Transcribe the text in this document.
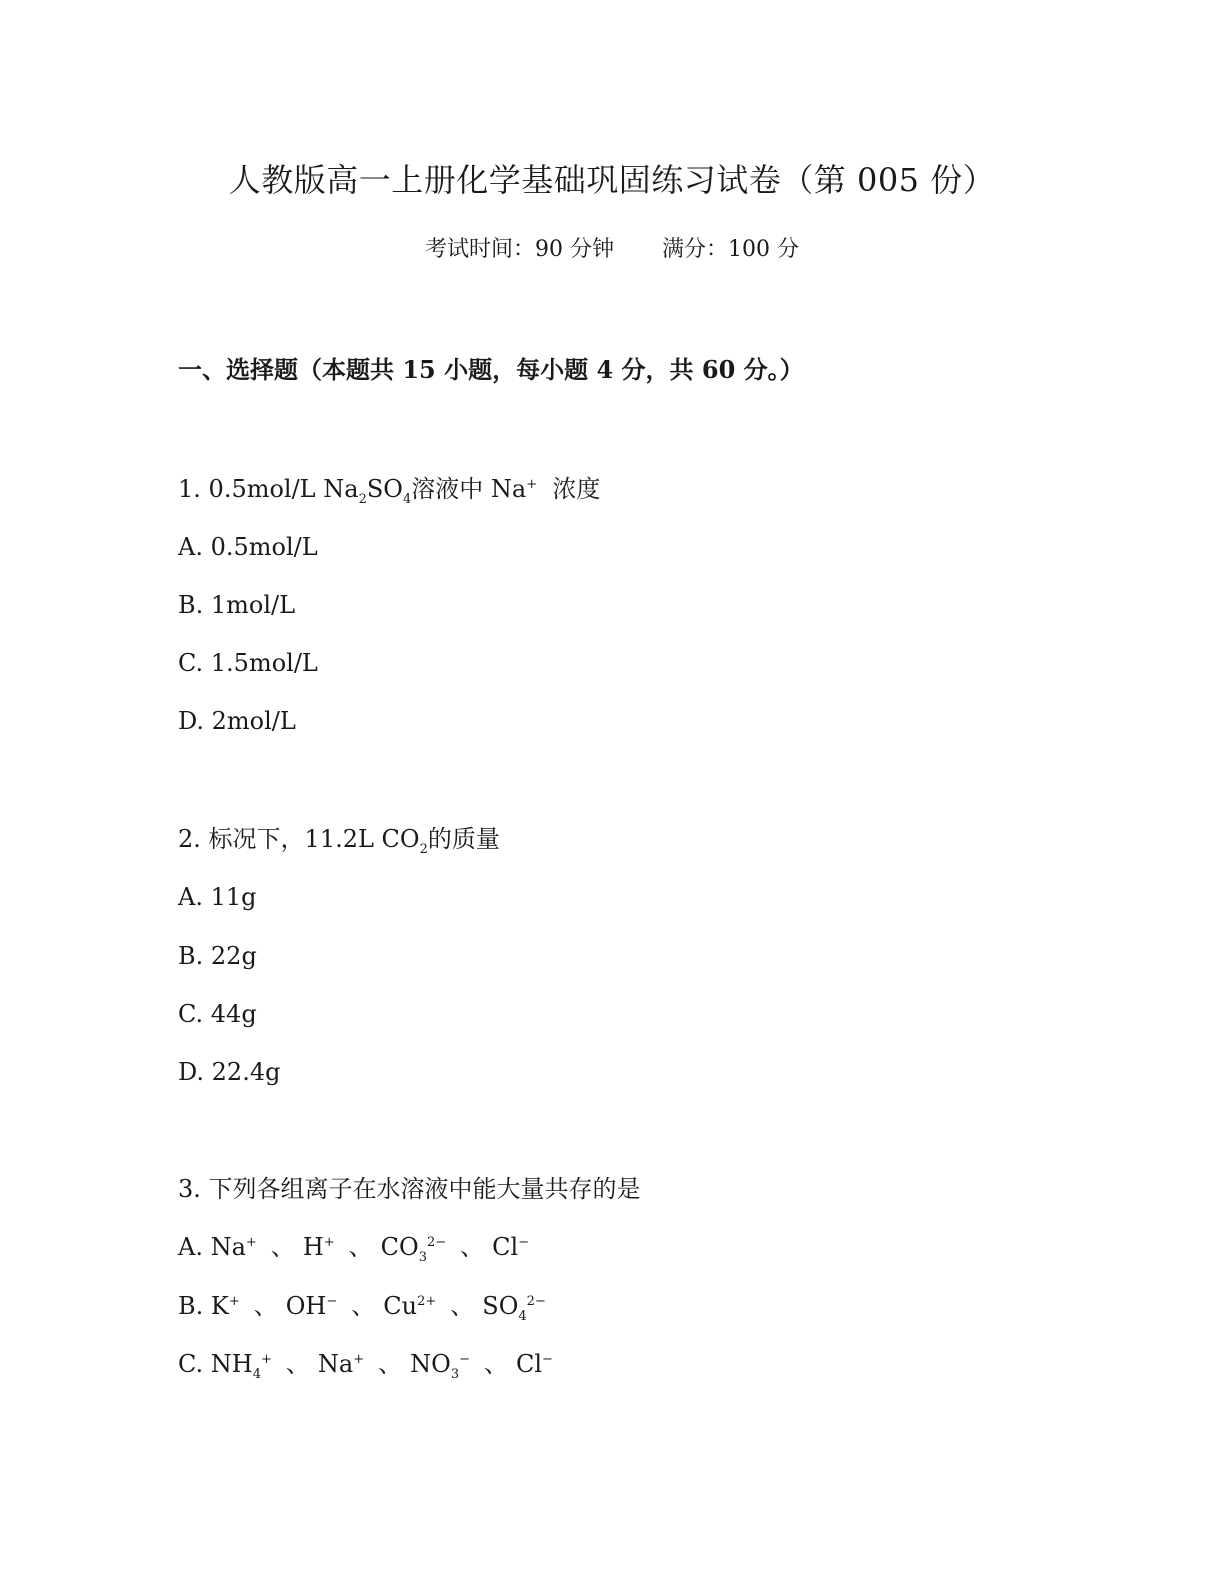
人教版高一上册化学基础巩固练习试卷（第 005 份）
考试时间：90 分钟 满分：100 分
一、选择题（本题共 15 小题，每小题 4 分，共 60 分。）
1. 0.5mol/L $Na_2SO_4$溶液中 Na+ 浓度
A. 0.5mol/L
B. 1mol/L
C. 1.5mol/L
D. 2mol/L
2. 标况下，11.2L $CO_2$的质量
A. 11g
B. 22g
C. 44g
D. 22.4g
3. 下列各组离子在水溶液中能大量共存的是
A. Na+ 、 H+ 、 $CO_3^{2-}$ 、 Cl−
B. K+ 、 OH− 、 $Cu^{2+}$ 、 $SO_4^{2-}$
C. $NH_4^+$ 、 Na+ 、 $NO_3^-$ 、 Cl−
